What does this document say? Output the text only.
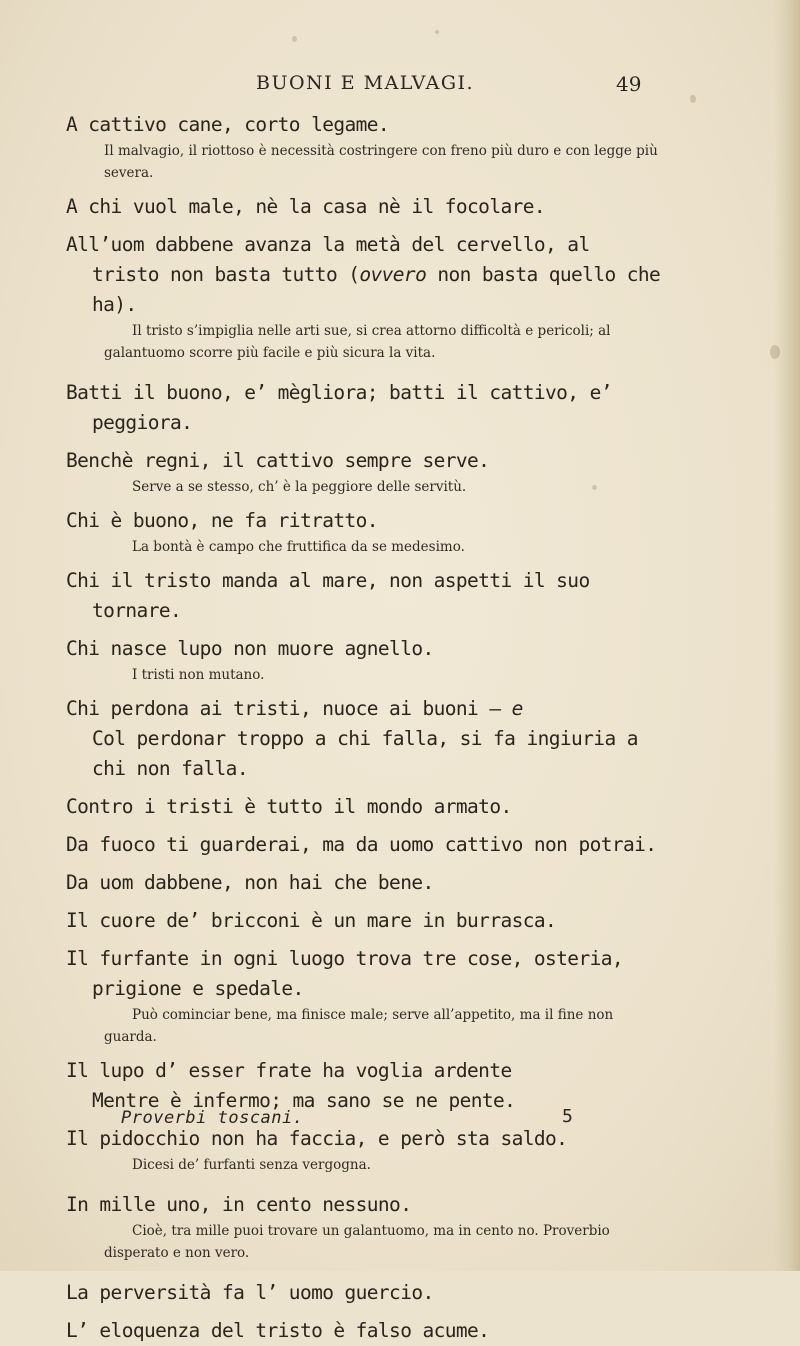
BUONI E MALVAGI.	49

A cattivo cane, corto legame.

Il malvagio, il riottoso è necessità costringere con freno più duro e con legge più severa.

A chi vuol male, nè la casa nè il focolare.

All’uom dabbene avanza la metà del cervello, al tristo non basta tutto (ovvero non basta quello che ha).

Il tristo s’impiglia nelle arti sue, si crea attorno difficoltà e pericoli; al galantuomo scorre più facile e più sicura la vita.

Batti il buono, e’ mègliora; batti il cattivo, e’ peggiora.

Benchè regni, il cattivo sempre serve.

Serve a se stesso, ch’ è la peggiore delle servitù.

Chi è buono, ne fa ritratto.

La bontà è campo che fruttifica da se medesimo.

Chi il tristo manda al mare, non aspetti il suo tornare.

Chi nasce lupo non muore agnello.

I tristi non mutano.

Chi perdona ai tristi, nuoce ai buoni — e

Col perdonar troppo a chi falla, si fa ingiuria a chi non falla.

Contro i tristi è tutto il mondo armato.

Da fuoco ti guarderai, ma da uomo cattivo non potrai.

Da uom dabbene, non hai che bene.

Il cuore de’ bricconi è un mare in burrasca.

Il furfante in ogni luogo trova tre cose, osteria, prigione e spedale.

Può cominciar bene, ma finisce male; serve all’appetito, ma il fine non guarda.

Il lupo d’ esser frate ha voglia ardente

Mentre è infermo; ma sano se ne pente.

Il pidocchio non ha faccia, e però sta saldo.

Dicesi de’ furfanti senza vergogna.

In mille uno, in cento nessuno.

Cioè, tra mille puoi trovare un galantuomo, ma in cento no. Proverbio disperato e non vero.

La perversità fa l’ uomo guercio.

L’ eloquenza del tristo è falso acume.

Proverbi toscani.	5
